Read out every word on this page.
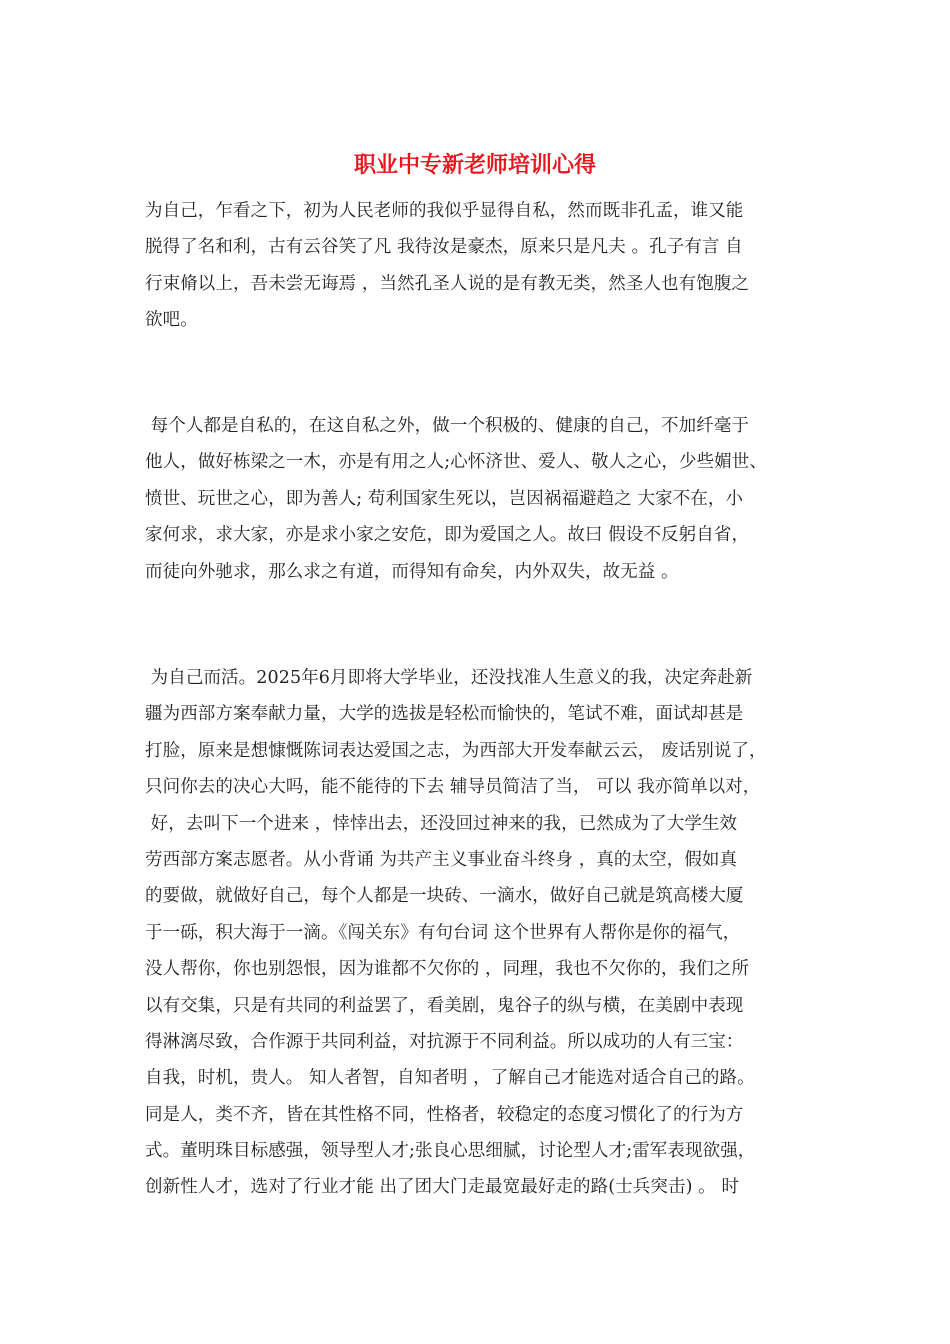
职业中专新老师培训心得
为自己，乍看之下，初为人民老师的我似乎显得自私，然而既非孔孟，谁又能
脱得了名和利，古有云谷笑了凡 我待汝是豪杰，原来只是凡夫 。孔子有言 自
行束脩以上，吾未尝无诲焉 ，当然孔圣人说的是有教无类，然圣人也有饱腹之
欲吧。
每个人都是自私的，在这自私之外，做一个积极的、健康的自己，不加纤毫于
他人，做好栋梁之一木，亦是有用之人;心怀济世、爱人、敬人之心，少些媚世、
愤世、玩世之心，即为善人; 苟利国家生死以，岂因祸福避趋之 大家不在，小
家何求，求大家，亦是求小家之安危，即为爱国之人。故曰 假设不反躬自省，
而徒向外驰求，那么求之有道，而得知有命矣，内外双失，故无益 。
为自己而活。2025年6月即将大学毕业，还没找准人生意义的我，决定奔赴新
疆为西部方案奉献力量，大学的选拔是轻松而愉快的，笔试不难，面试却甚是
打脸，原来是想慷慨陈词表达爱国之志，为西部大开发奉献云云， 废话别说了，
只问你去的决心大吗，能不能待的下去 辅导员简洁了当， 可以 我亦简单以对，
好，去叫下一个进来 ，悻悻出去，还没回过神来的我，已然成为了大学生效
劳西部方案志愿者。从小背诵 为共产主义事业奋斗终身 ，真的太空，假如真
的要做，就做好自己，每个人都是一块砖、一滴水，做好自己就是筑高楼大厦
于一砾，积大海于一滴。《闯关东》有句台词 这个世界有人帮你是你的福气，
没人帮你，你也别怨恨，因为谁都不欠你的 ，同理，我也不欠你的，我们之所
以有交集，只是有共同的利益罢了，看美剧，鬼谷子的纵与横，在美剧中表现
得淋漓尽致，合作源于共同利益，对抗源于不同利益。所以成功的人有三宝：
自我，时机，贵人。 知人者智，自知者明 ，了解自己才能选对适合自己的路。
同是人，类不齐，皆在其性格不同，性格者，较稳定的态度习惯化了的行为方
式。董明珠目标感强，领导型人才;张良心思细腻，讨论型人才;雷军表现欲强，
创新性人才，选对了行业才能 出了团大门走最宽最好走的路(士兵突击) 。 时
